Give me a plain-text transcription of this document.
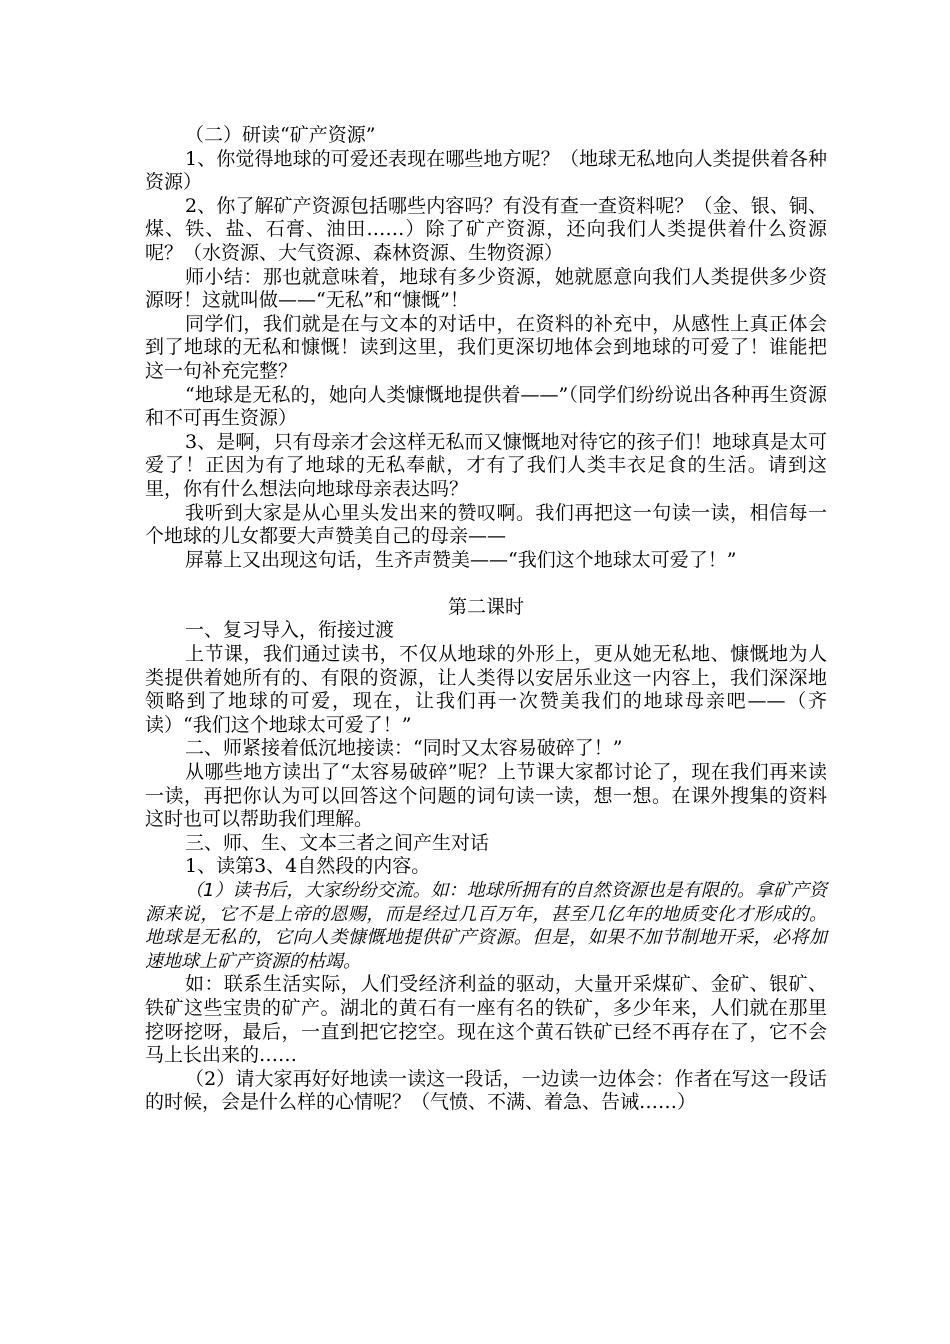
（二）研读“矿产资源”

1、你觉得地球的可爱还表现在哪些地方呢？（地球无私地向人类提供着各种资源）

2、你了解矿产资源包括哪些内容吗？有没有查一查资料呢？（金、银、铜、煤、铁、盐、石膏、油田……）除了矿产资源，还向我们人类提供着什么资源呢？（水资源、大气资源、森林资源、生物资源）

师小结：那也就意味着，地球有多少资源，她就愿意向我们人类提供多少资源呀！这就叫做——“无私”和“慷慨”！

同学们，我们就是在与文本的对话中，在资料的补充中，从感性上真正体会到了地球的无私和慷慨！读到这里，我们更深切地体会到地球的可爱了！谁能把这一句补充完整？

“地球是无私的，她向人类慷慨地提供着——”（同学们纷纷说出各种再生资源和不可再生资源）

3、是啊，只有母亲才会这样无私而又慷慨地对待它的孩子们！地球真是太可爱了！正因为有了地球的无私奉献，才有了我们人类丰衣足食的生活。请到这里，你有什么想法向地球母亲表达吗？

我听到大家是从心里头发出来的赞叹啊。我们再把这一句读一读，相信每一个地球的儿女都要大声赞美自己的母亲——

屏幕上又出现这句话，生齐声赞美——“我们这个地球太可爱了！”

第二课时

一、复习导入，衔接过渡

上节课，我们通过读书，不仅从地球的外形上，更从她无私地、慷慨地为人类提供着她所有的、有限的资源，让人类得以安居乐业这一内容上，我们深深地领略到了地球的可爱，现在，让我们再一次赞美我们的地球母亲吧——（齐读）“我们这个地球太可爱了！”

二、师紧接着低沉地接读：“同时又太容易破碎了！”

从哪些地方读出了“太容易破碎”呢？上节课大家都讨论了，现在我们再来读一读，再把你认为可以回答这个问题的词句读一读，想一想。在课外搜集的资料这时也可以帮助我们理解。

三、师、生、文本三者之间产生对话

1、读第3、4自然段的内容。

（1）读书后，大家纷纷交流。如：地球所拥有的自然资源也是有限的。拿矿产资源来说，它不是上帝的恩赐，而是经过几百万年，甚至几亿年的地质变化才形成的。地球是无私的，它向人类慷慨地提供矿产资源。但是，如果不加节制地开采，必将加速地球上矿产资源的枯竭。

如：联系生活实际，人们受经济利益的驱动，大量开采煤矿、金矿、银矿、铁矿这些宝贵的矿产。湖北的黄石有一座有名的铁矿，多少年来，人们就在那里挖呀挖呀，最后，一直到把它挖空。现在这个黄石铁矿已经不再存在了，它不会马上长出来的……

（2）请大家再好好地读一读这一段话，一边读一边体会：作者在写这一段话的时候，会是什么样的心情呢？（气愤、不满、着急、告诫……）
